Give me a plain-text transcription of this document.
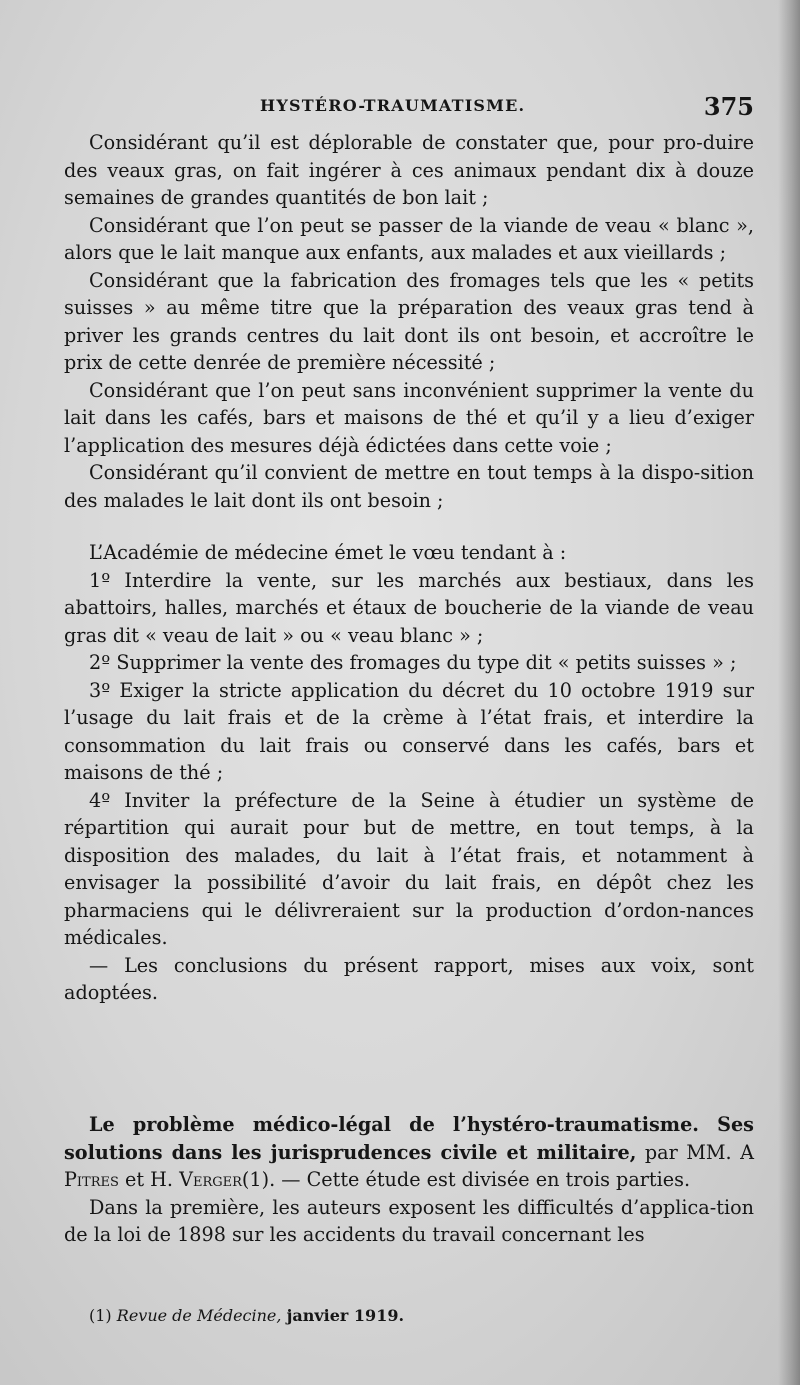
HYSTÉRO-TRAUMATISME.	375

Considérant qu’il est déplorable de constater que, pour pro-duire des veaux gras, on fait ingérer à ces animaux pendant dix à douze semaines de grandes quantités de bon lait ;

Considérant que l’on peut se passer de la viande de veau « blanc », alors que le lait manque aux enfants, aux malades et aux vieillards ;

Considérant que la fabrication des fromages tels que les « petits suisses » au même titre que la préparation des veaux gras tend à priver les grands centres du lait dont ils ont besoin, et accroître le prix de cette denrée de première nécessité ;

Considérant que l’on peut sans inconvénient supprimer la vente du lait dans les cafés, bars et maisons de thé et qu’il y a lieu d’exiger l’application des mesures déjà édictées dans cette voie ;

Considérant qu’il convient de mettre en tout temps à la dispo-sition des malades le lait dont ils ont besoin ;

L’Académie de médecine émet le vœu tendant à :

1º Interdire la vente, sur les marchés aux bestiaux, dans les abattoirs, halles, marchés et étaux de boucherie de la viande de veau gras dit « veau de lait » ou « veau blanc » ;

2º Supprimer la vente des fromages du type dit « petits suisses » ;

3º Exiger la stricte application du décret du 10 octobre 1919 sur l’usage du lait frais et de la crème à l’état frais, et interdire la consommation du lait frais ou conservé dans les cafés, bars et maisons de thé ;

4º Inviter la préfecture de la Seine à étudier un système de répartition qui aurait pour but de mettre, en tout temps, à la disposition des malades, du lait à l’état frais, et notamment à envisager la possibilité d’avoir du lait frais, en dépôt chez les pharmaciens qui le délivreraient sur la production d’ordon-nances médicales.

— Les conclusions du présent rapport, mises aux voix, sont adoptées.

Le problème médico-légal de l’hystéro-traumatisme. Ses solutions dans les jurisprudences civile et militaire, par MM. A Pitres et H. Verger(1). — Cette étude est divisée en trois parties.

Dans la première, les auteurs exposent les difficultés d’applica-tion de la loi de 1898 sur les accidents du travail concernant les

(1) Revue de Médecine, janvier 1919.
